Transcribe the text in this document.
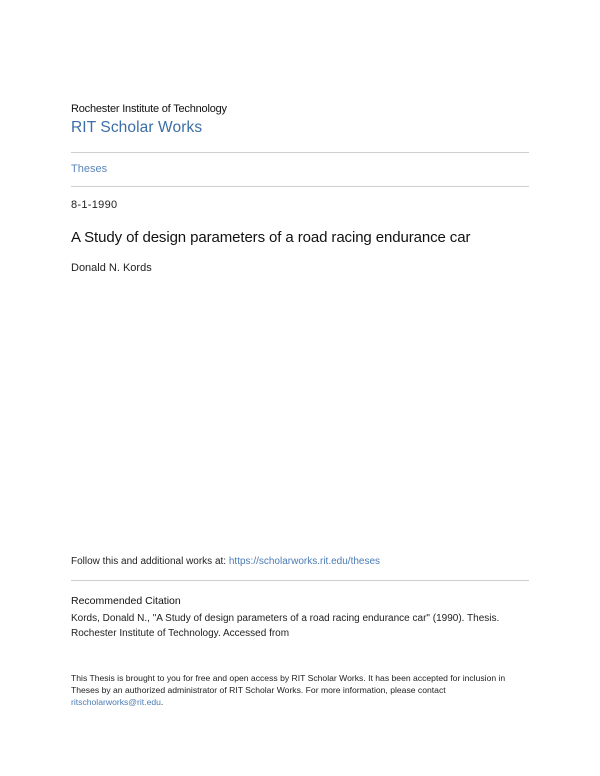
Rochester Institute of Technology
RIT Scholar Works
Theses
8-1-1990
A Study of design parameters of a road racing endurance car
Donald N. Kords
Follow this and additional works at: https://scholarworks.rit.edu/theses
Recommended Citation
Kords, Donald N., "A Study of design parameters of a road racing endurance car" (1990). Thesis.
Rochester Institute of Technology. Accessed from
This Thesis is brought to you for free and open access by RIT Scholar Works. It has been accepted for inclusion in Theses by an authorized administrator of RIT Scholar Works. For more information, please contact
ritscholarworks@rit.edu.
